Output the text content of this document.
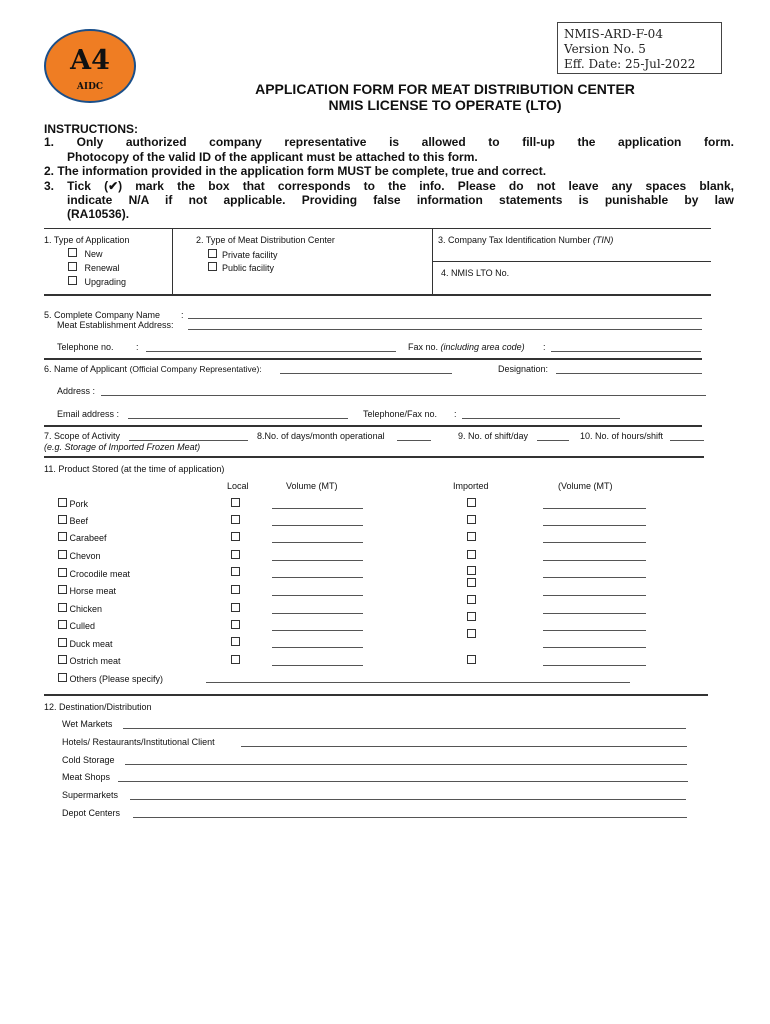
A4
AIDC
NMIS-ARD-F-04
Version No. 5
Eff. Date: 25-Jul-2022
APPLICATION FORM FOR MEAT DISTRIBUTION CENTER
NMIS LICENSE TO OPERATE (LTO)
INSTRUCTIONS:
1. Only authorized company representative is allowed to fill-up the application form.
Photocopy of the valid ID of the applicant must be attached to this form.
2. The information provided in the application form MUST be complete, true and correct.
3. Tick (✔) mark the box that corresponds to the info. Please do not leave any spaces blank,
indicate N/A if not applicable. Providing false information statements is punishable by law
(RA10536).
1. Type of Application
New
Renewal
Upgrading
2. Type of Meat Distribution Center
Private facility
Public facility
3. Company Tax Identification Number (TIN)
4. NMIS LTO No.
5. Complete Company Name :
Meat Establishment Address:
Telephone no. :	Fax no. (including area code) :
6. Name of Applicant (Official Company Representative):	Designation:
Address :
Email address :	Telephone/Fax no. :
7. Scope of Activity
(e.g. Storage of Imported Frozen Meat)
8.No. of days/month operational	9. No. of shift/day	10. No. of hours/shift
11. Product Stored (at the time of application)
Local	Volume (MT)	Imported	(Volume (MT)
Pork
Beef
Carabeef
Chevon
Crocodile meat
Horse meat
Chicken
Culled
Duck meat
Ostrich meat
Others (Please specify)
12. Destination/Distribution
Wet Markets
Hotels/ Restaurants/Institutional Client
Cold Storage
Meat Shops
Supermarkets
Depot Centers
